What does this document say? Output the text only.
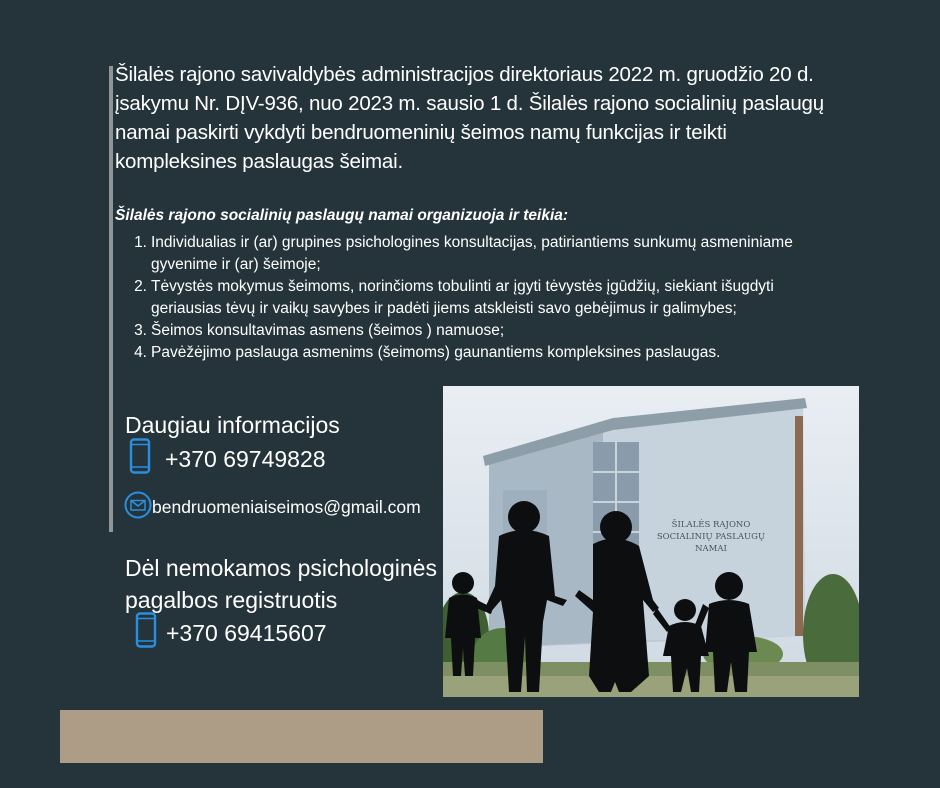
Šilalės rajono savivaldybės administracijos direktoriaus 2022 m. gruodžio 20 d.
įsakymu Nr. DĮV-936, nuo 2023 m. sausio 1 d. Šilalės rajono socialinių paslaugų
namai paskirti vykdyti bendruomeninių šeimos namų funkcijas ir teikti
kompleksines paslaugas šeimai.
Šilalės rajono socialinių paslaugų namai organizuoja ir teikia:
1. Individualias ir (ar) grupines psichologines konsultacijas, patiriantiems sunkumų asmeniniame
gyvenime ir (ar) šeimoje;
2. Tėvystės mokymus šeimoms, norinčioms tobulinti ar įgyti tėvystės įgūdžių, siekiant išugdyti
geriausias tėvų ir vaikų savybes ir padėti jiems atskleisti savo gebėjimus ir galimybes;
3. Šeimos konsultavimas asmens (šeimos ) namuose;
4. Pavėžėjimo paslauga asmenims (šeimoms) gaunantiems kompleksines paslaugas.
Daugiau informacijos
+370 69749828
bendruomeniaiseimos@gmail.com
Dėl nemokamos psichologinės
pagalbos registruotis
+370 69415607
ŠILALĖS RAJONO
SOCIALINIŲ PASLAUGŲ
NAMAI
